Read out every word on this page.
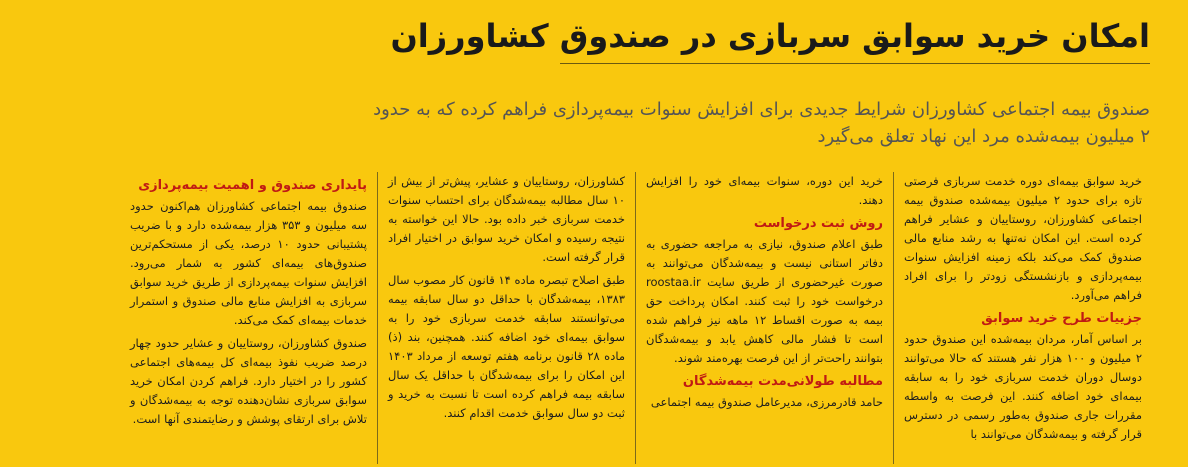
امکان خرید سوابق سربازی در صندوق کشاورزان

صندوق بیمه اجتماعی کشاورزان شرایط جدیدی برای افزایش سنوات بیمه‌پردازی فراهم کرده که به حدود

۲ میلیون بیمه‌شده مرد این نهاد تعلق می‌گیرد

خرید سوابق بیمه‌ای دوره خدمت سربازی فرصتی تازه برای حدود ۲ میلیون بیمه‌شده صندوق بیمه اجتماعی کشاورزان، روستاییان و عشایر فراهم کرده است. این امکان نه‌تنها به رشد منابع مالی صندوق کمک می‌کند بلکه زمینه افزایش سنوات بیمه‌پردازی و بازنشستگی زودتر را برای افراد فراهم می‌آورد.

جزییات طرح خرید سوابق

بر اساس آمار، مردان بیمه‌شده این صندوق حدود ۲ میلیون و ۱۰۰ هزار نفر هستند که حالا می‌توانند دوسال دوران خدمت سربازی خود را به سابقه بیمه‌ای خود اضافه کنند. این فرصت به واسطه مقررات جاری صندوق به‌طور رسمی در دسترس قرار گرفته و بیمه‌شدگان می‌توانند با

خرید این دوره، سنوات بیمه‌ای خود را افزایش دهند.

روش ثبت درخواست

طبق اعلام صندوق، نیازی به مراجعه حضوری به دفاتر استانی نیست و بیمه‌شدگان می‌توانند به صورت غیرحضوری از طریق سایت roostaa.ir درخواست خود را ثبت کنند. امکان پرداخت حق بیمه به صورت اقساط ۱۲ ماهه نیز فراهم شده است تا فشار مالی کاهش یابد و بیمه‌شدگان بتوانند راحت‌تر از این فرصت بهره‌مند شوند.

مطالبه طولانی‌مدت بیمه‌شدگان

حامد قادرمرزی، مدیرعامل صندوق بیمه اجتماعی

کشاورزان، روستاییان و عشایر، پیش‌تر از بیش از ۱۰ سال مطالبه بیمه‌شدگان برای احتساب سنوات خدمت سربازی خبر داده بود. حالا این خواسته به نتیجه رسیده و امکان خرید سوابق در اختیار افراد قرار گرفته است.

طبق اصلاح تبصره ماده ۱۴ قانون کار مصوب سال ۱۳۸۳، بیمه‌شدگان با حداقل دو سال سابقه بیمه می‌توانستند سابقه خدمت سربازی خود را به سوابق بیمه‌ای خود اضافه کنند. همچنین، بند (ذ) ماده ۲۸ قانون برنامه هفتم توسعه از مرداد ۱۴۰۳ این امکان را برای بیمه‌شدگان با حداقل یک سال سابقه بیمه فراهم کرده است تا نسبت به خرید و ثبت دو سال سوابق خدمت اقدام کنند.

پایداری صندوق و اهمیت بیمه‌پردازی

صندوق بیمه اجتماعی کشاورزان هم‌اکنون حدود سه میلیون و ۳۵۳ هزار بیمه‌شده دارد و با ضریب پشتیبانی حدود ۱۰ درصد، یکی از مستحکم‌ترین صندوق‌های بیمه‌ای کشور به شمار می‌رود. افزایش سنوات بیمه‌پردازی از طریق خرید سوابق سربازی به افزایش منابع مالی صندوق و استمرار خدمات بیمه‌ای کمک می‌کند.

صندوق کشاورزان، روستاییان و عشایر حدود چهار درصد ضریب نفوذ بیمه‌ای کل بیمه‌های اجتماعی کشور را در اختیار دارد. فراهم کردن امکان خرید سوابق سربازی نشان‌دهنده توجه به بیمه‌شدگان و تلاش برای ارتقای پوشش و رضایتمندی آنها است.
